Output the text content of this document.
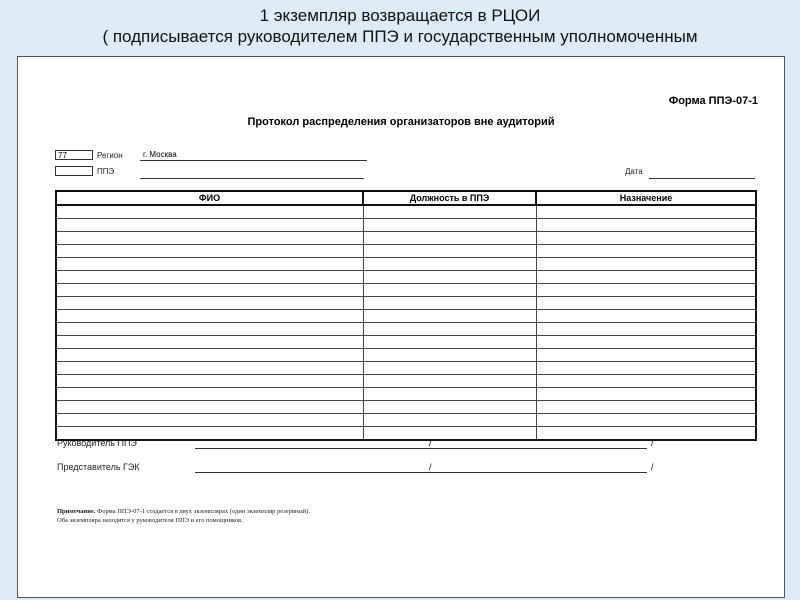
1 экземпляр возвращается в РЦОИ
( подписывается руководителем ППЭ и государственным уполномоченным
Форма ППЭ-07-1
Протокол распределения организаторов вне аудиторий
77	Регион	г. Москва
ППЭ	Дата
ФИО	Должность в ППЭ	Назначение

Руководитель ППЭ	/	/
Представитель ГЭК	/	/
Примечание. Форма ППЭ-07-1 создается в двух экземплярах (один экземпляр резервный).
Оба экземпляра находятся у руководителя ППЭ и его помощников.
